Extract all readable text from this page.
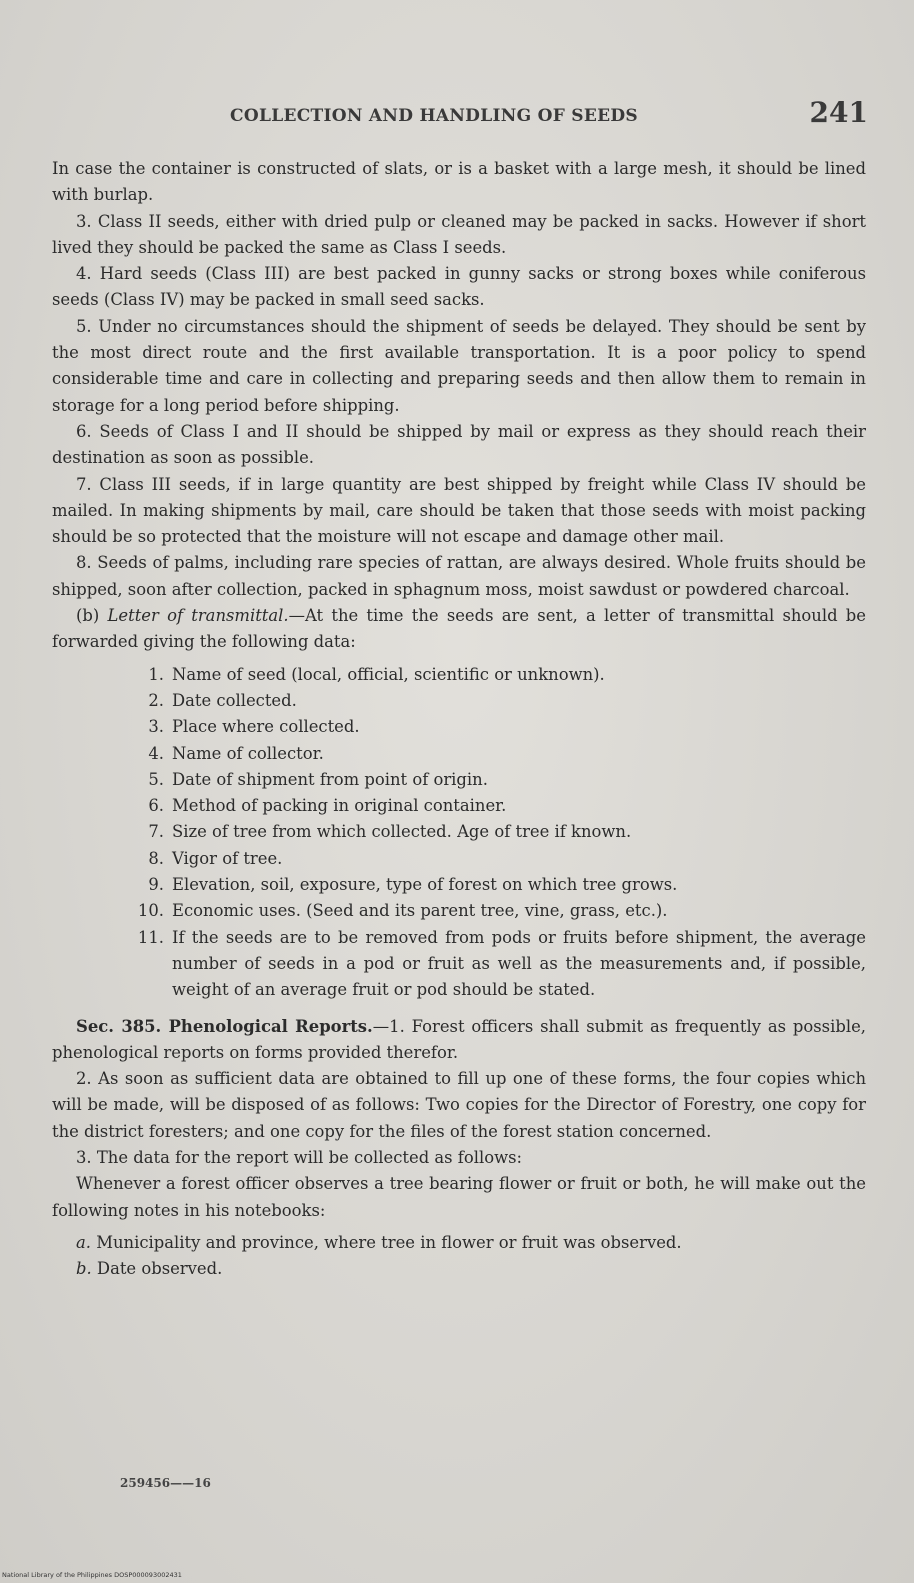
COLLECTION AND HANDLING OF SEEDS	241

In case the container is constructed of slats, or is a basket with a large mesh, it should be lined with burlap.

3. Class II seeds, either with dried pulp or cleaned may be packed in sacks. However if short lived they should be packed the same as Class I seeds.

4. Hard seeds (Class III) are best packed in gunny sacks or strong boxes while coniferous seeds (Class IV) may be packed in small seed sacks.

5. Under no circumstances should the shipment of seeds be delayed. They should be sent by the most direct route and the first available transportation. It is a poor policy to spend considerable time and care in collecting and preparing seeds and then allow them to remain in storage for a long period before shipping.

6. Seeds of Class I and II should be shipped by mail or express as they should reach their destination as soon as possible.

7. Class III seeds, if in large quantity are best shipped by freight while Class IV should be mailed. In making shipments by mail, care should be taken that those seeds with moist packing should be so protected that the moisture will not escape and damage other mail.

8. Seeds of palms, including rare species of rattan, are always desired. Whole fruits should be shipped, soon after collection, packed in sphagnum moss, moist sawdust or powdered charcoal.

(b) Letter of transmittal.—At the time the seeds are sent, a letter of transmittal should be forwarded giving the following data:

1. Name of seed (local, official, scientific or unknown).
2. Date collected.
3. Place where collected.
4. Name of collector.
5. Date of shipment from point of origin.
6. Method of packing in original container.
7. Size of tree from which collected. Age of tree if known.
8. Vigor of tree.
9. Elevation, soil, exposure, type of forest on which tree grows.
10. Economic uses. (Seed and its parent tree, vine, grass, etc.).
11. If the seeds are to be removed from pods or fruits before shipment, the average number of seeds in a pod or fruit as well as the measurements and, if possible, weight of an average fruit or pod should be stated.

Sec. 385. Phenological Reports.—1. Forest officers shall submit as frequently as possible, phenological reports on forms provided therefor.

2. As soon as sufficient data are obtained to fill up one of these forms, the four copies which will be made, will be disposed of as follows: Two copies for the Director of Forestry, one copy for the district foresters; and one copy for the files of the forest station concerned.

3. The data for the report will be collected as follows:

Whenever a forest officer observes a tree bearing flower or fruit or both, he will make out the following notes in his notebooks:

a. Municipality and province, where tree in flower or fruit was observed.
b. Date observed.
259456——16
National Library of the Philippines DOSP000093002431
